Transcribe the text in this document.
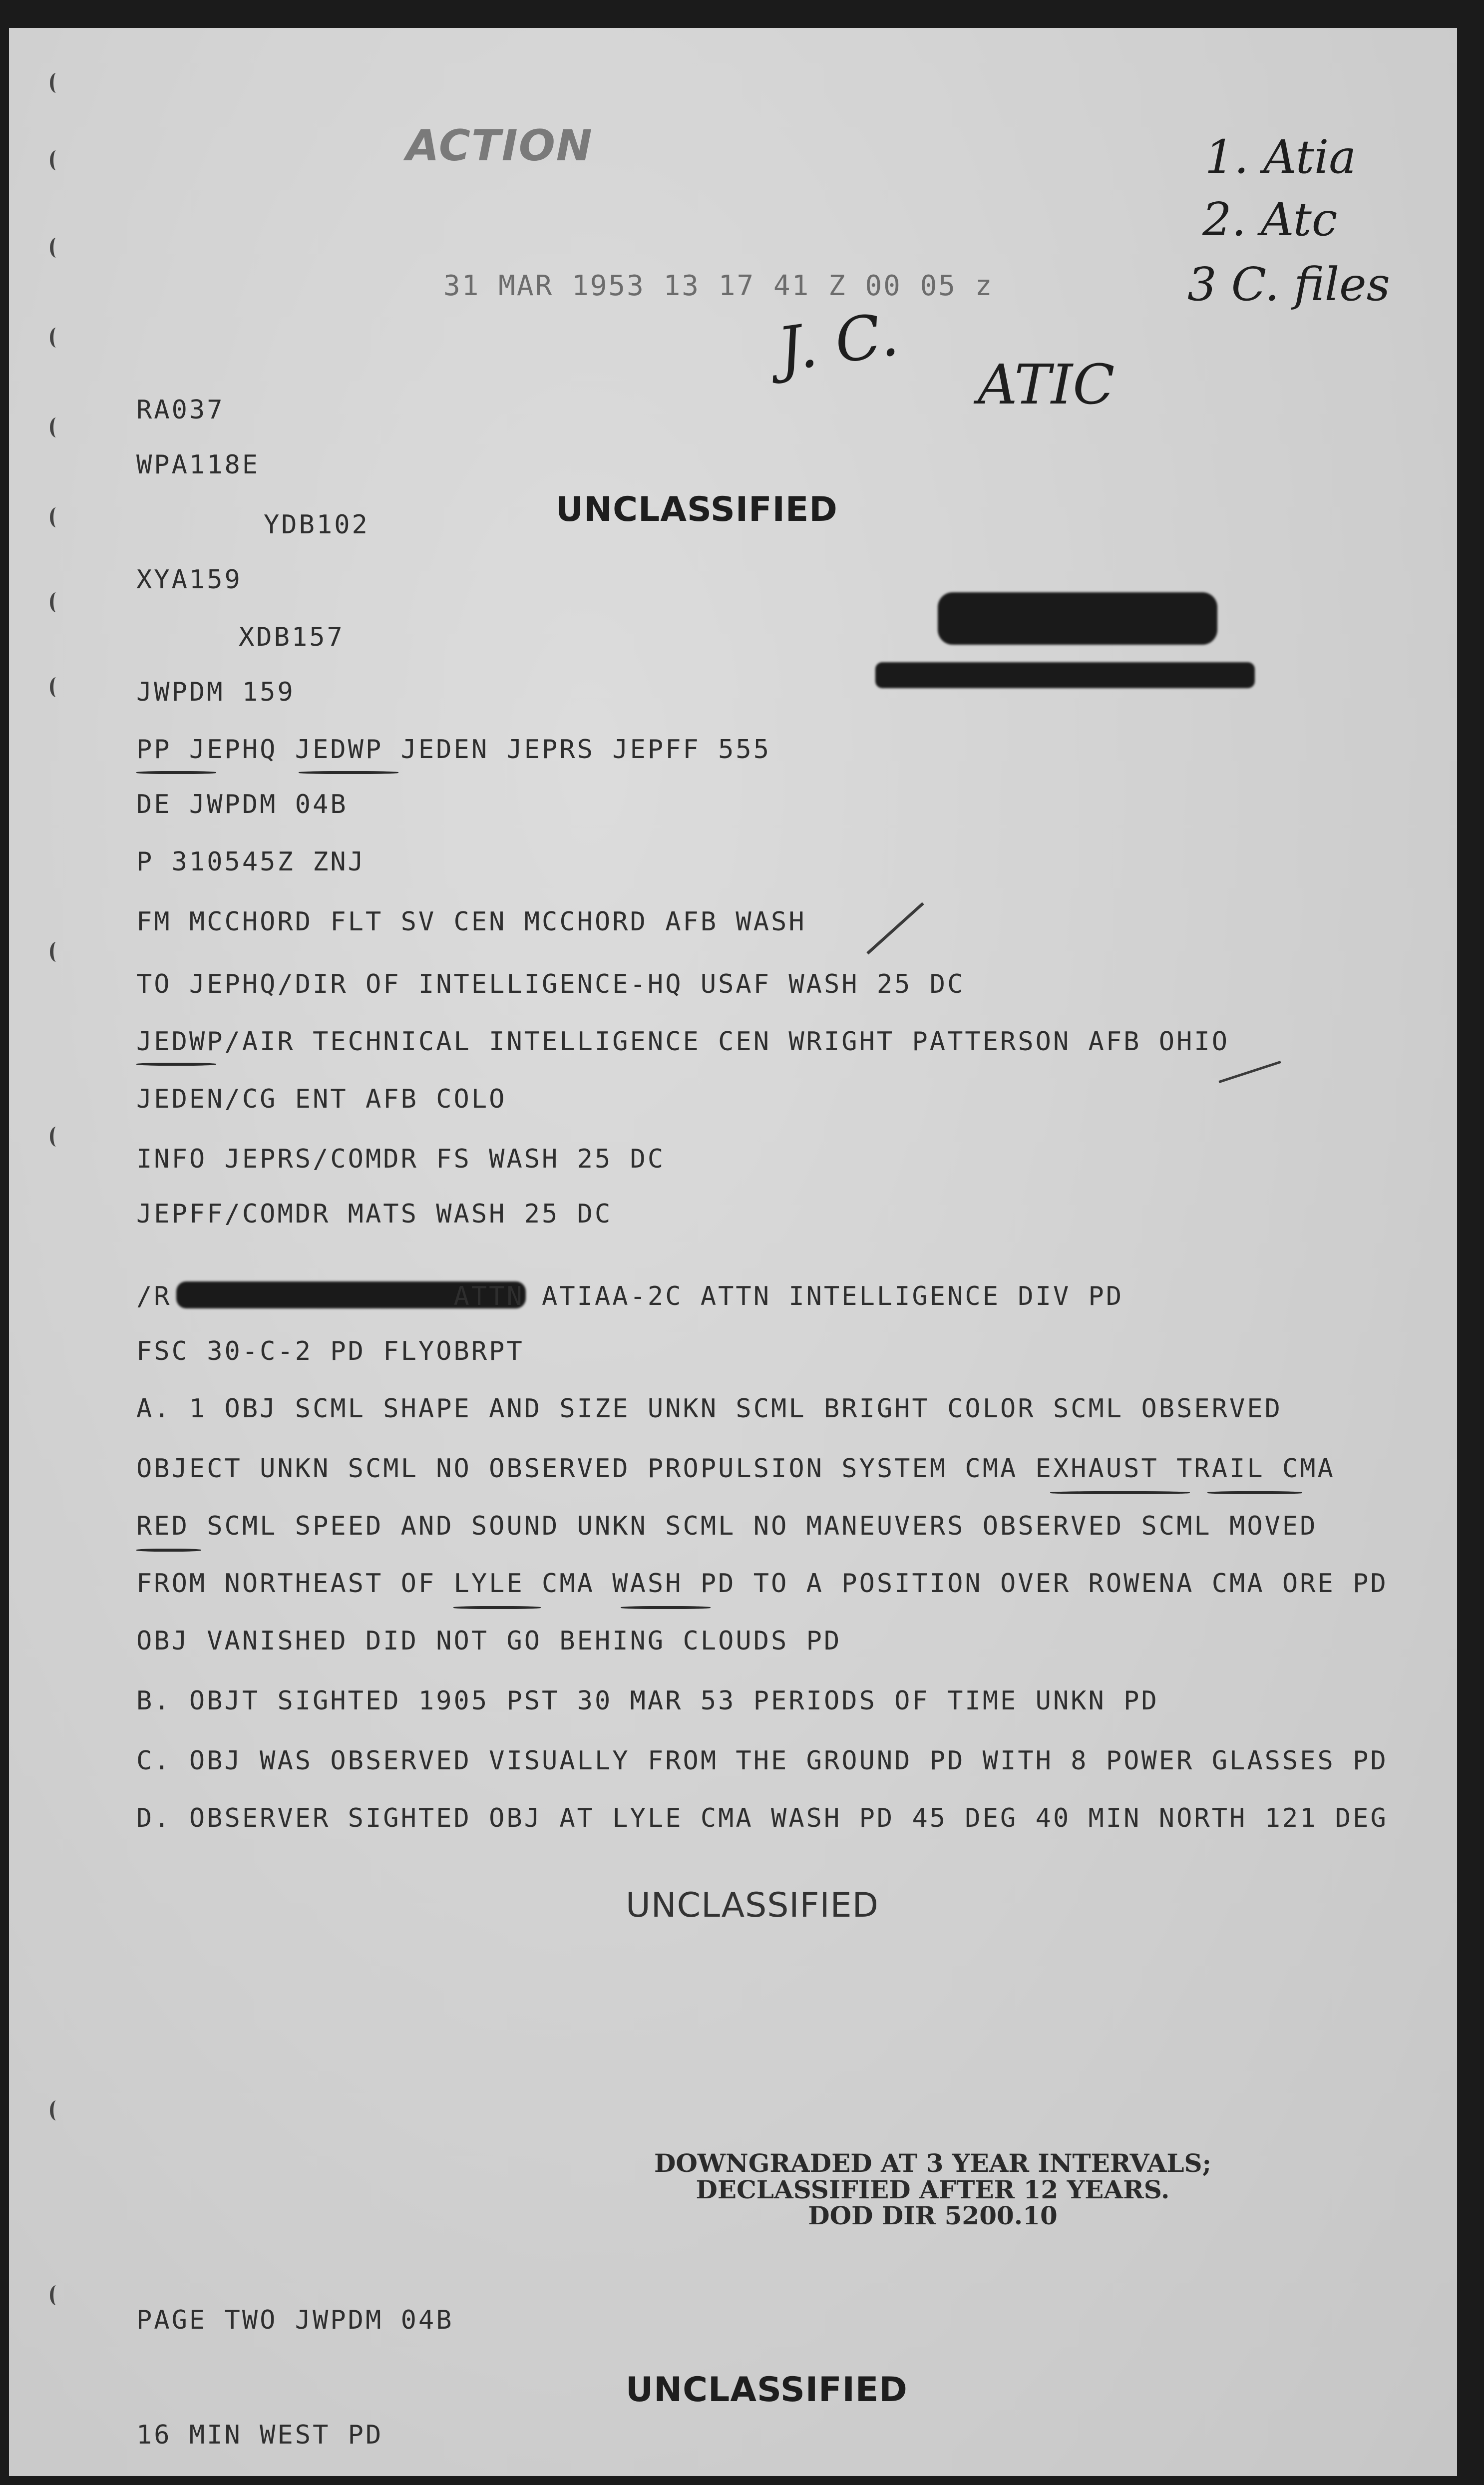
ACTION
31 MAR 1953 13 17 41 Z 00 05 z
ATIC
J. C.
1. Atia
2. Atc
3 C. files
UNCLASSIFIED
UNCLASSIFIED
UNCLASSIFIED
RA037
WPA118E
YDB102
XYA159
XDB157
JWPDM 159
PP JEPHQ JEDWP JEDEN JEPRS JEPFF 555
DE JWPDM 04B
P 310545Z ZNJ
FM MCCHORD FLT SV CEN MCCHORD AFB WASH
TO JEPHQ/DIR OF INTELLIGENCE-HQ USAF WASH 25 DC
JEDWP/AIR TECHNICAL INTELLIGENCE CEN WRIGHT PATTERSON AFB OHIO
JEDEN/CG ENT AFB COLO
INFO JEPRS/COMDR FS WASH 25 DC
JEPFF/COMDR MATS WASH 25 DC
/R                ATTN ATIAA-2C ATTN INTELLIGENCE DIV PD
FSC 30-C-2 PD FLYOBRPT
A. 1 OBJ SCML SHAPE AND SIZE UNKN SCML BRIGHT COLOR SCML OBSERVED
OBJECT UNKN SCML NO OBSERVED PROPULSION SYSTEM CMA EXHAUST TRAIL CMA
RED SCML SPEED AND SOUND UNKN SCML NO MANEUVERS OBSERVED SCML MOVED
FROM NORTHEAST OF LYLE CMA WASH PD TO A POSITION OVER ROWENA CMA ORE PD
OBJ VANISHED DID NOT GO BEHING CLOUDS PD
B. OBJT SIGHTED 1905 PST 30 MAR 53 PERIODS OF TIME UNKN PD
C. OBJ WAS OBSERVED VISUALLY FROM THE GROUND PD WITH 8 POWER GLASSES PD
D. OBSERVER SIGHTED OBJ AT LYLE CMA WASH PD 45 DEG 40 MIN NORTH 121 DEG
DOWNGRADED AT 3 YEAR INTERVALS;
DECLASSIFIED AFTER 12 YEARS.
DOD DIR 5200.10
PAGE TWO JWPDM 04B
16 MIN WEST PD
